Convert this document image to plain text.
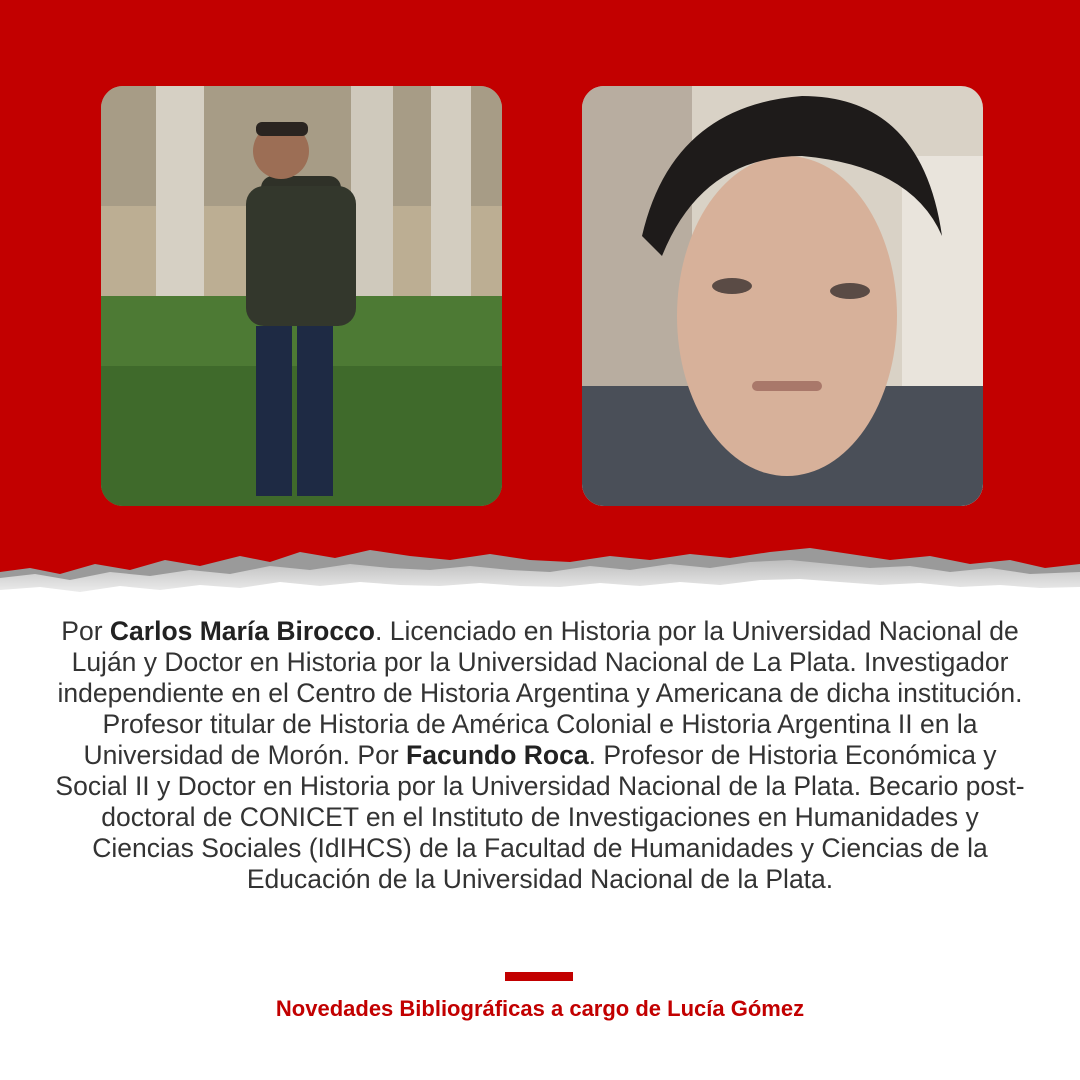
Por Carlos María Birocco. Licenciado en Historia por la Universidad Nacional de Luján y Doctor en Historia por la Universidad Nacional de La Plata. Investigador independiente en el Centro de Historia Argentina y Americana de dicha institución. Profesor titular de Historia de América Colonial e Historia Argentina II en la Universidad de Morón. Por Facundo Roca. Profesor de Historia Económica y Social II y Doctor en Historia por la Universidad Nacional de la Plata. Becario post-doctoral de CONICET en el Instituto de Investigaciones en Humanidades y Ciencias Sociales (IdIHCS) de la Facultad de Humanidades y Ciencias de la Educación de la Universidad Nacional de la Plata.

Novedades Bibliográficas a cargo de Lucía Gómez
